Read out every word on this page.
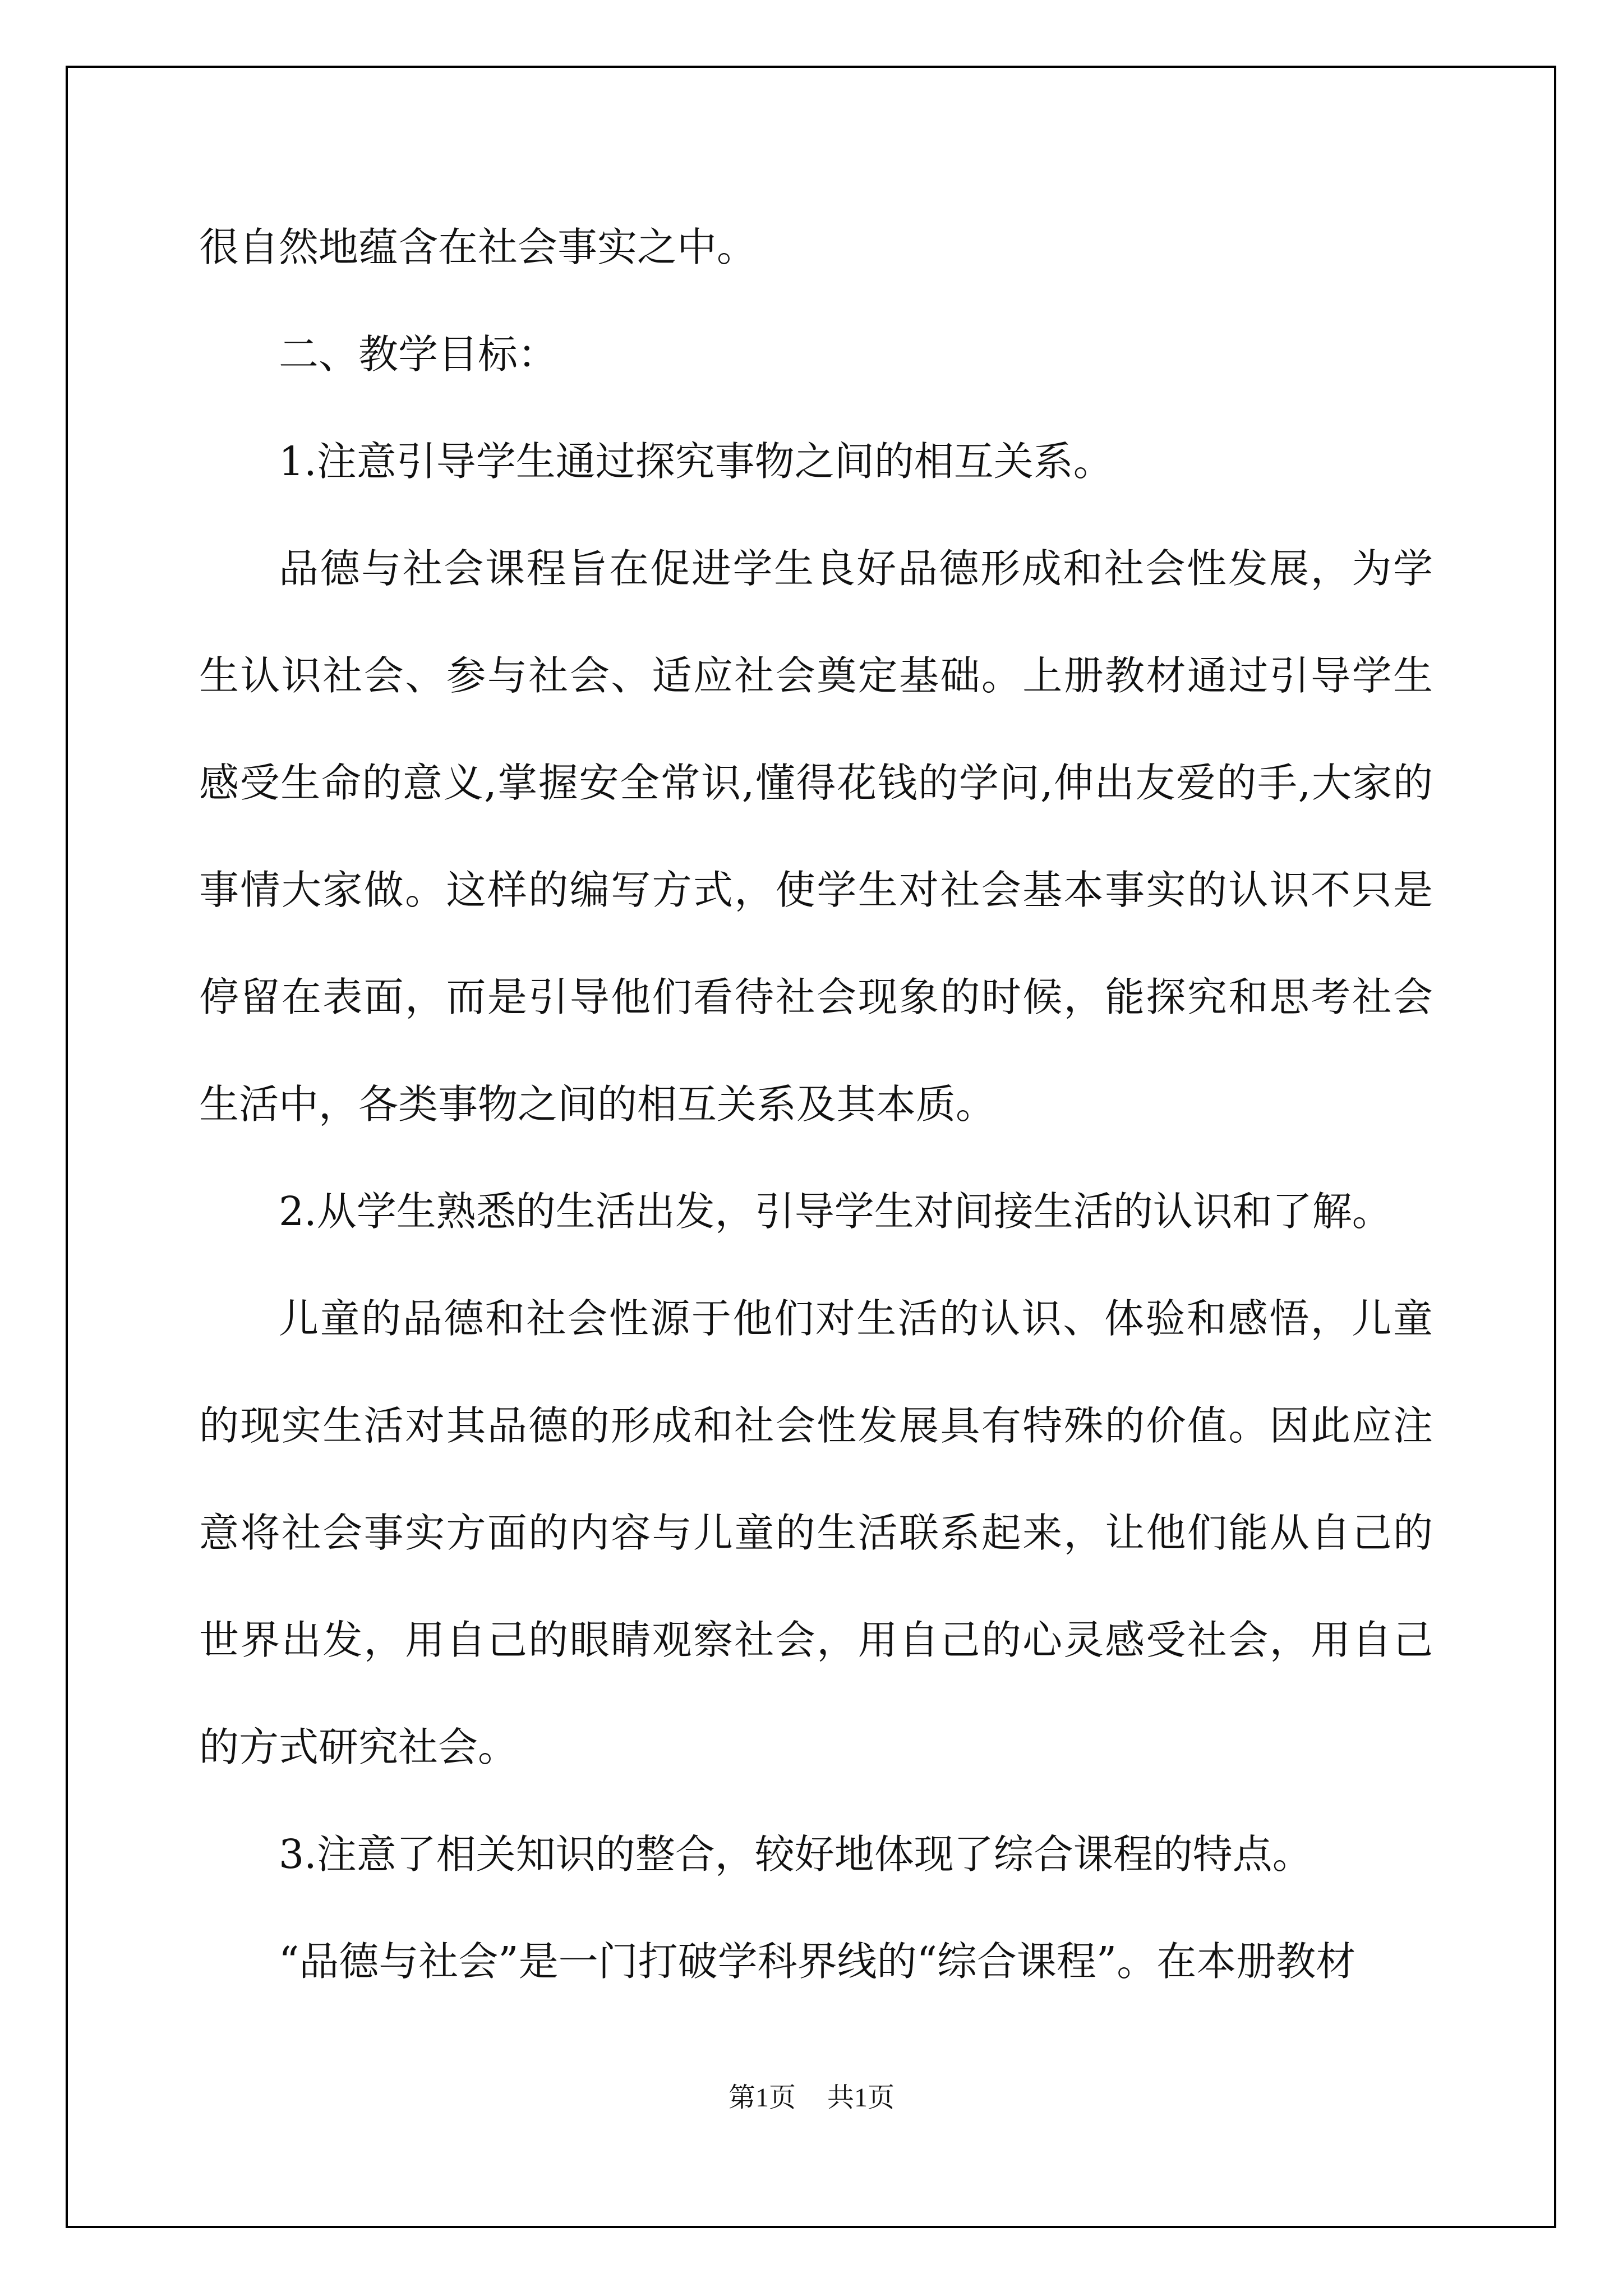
很自然地蕴含在社会事实之中。

二、教学目标：

1.注意引导学生通过探究事物之间的相互关系。

品德与社会课程旨在促进学生良好品德形成和社会性发展，为学生认识社会、参与社会、适应社会奠定基础。上册教材通过引导学生感受生命的意义,掌握安全常识,懂得花钱的学问,伸出友爱的手,大家的事情大家做。这样的编写方式，使学生对社会基本事实的认识不只是停留在表面，而是引导他们看待社会现象的时候，能探究和思考社会生活中，各类事物之间的相互关系及其本质。

2.从学生熟悉的生活出发，引导学生对间接生活的认识和了解。

儿童的品德和社会性源于他们对生活的认识、体验和感悟，儿童的现实生活对其品德的形成和社会性发展具有特殊的价值。因此应注意将社会事实方面的内容与儿童的生活联系起来，让他们能从自己的世界出发，用自己的眼睛观察社会，用自己的心灵感受社会，用自己的方式研究社会。

3.注意了相关知识的整合，较好地体现了综合课程的特点。

“品德与社会”是一门打破学科界线的“综合课程”。在本册教材

第1页 共1页
